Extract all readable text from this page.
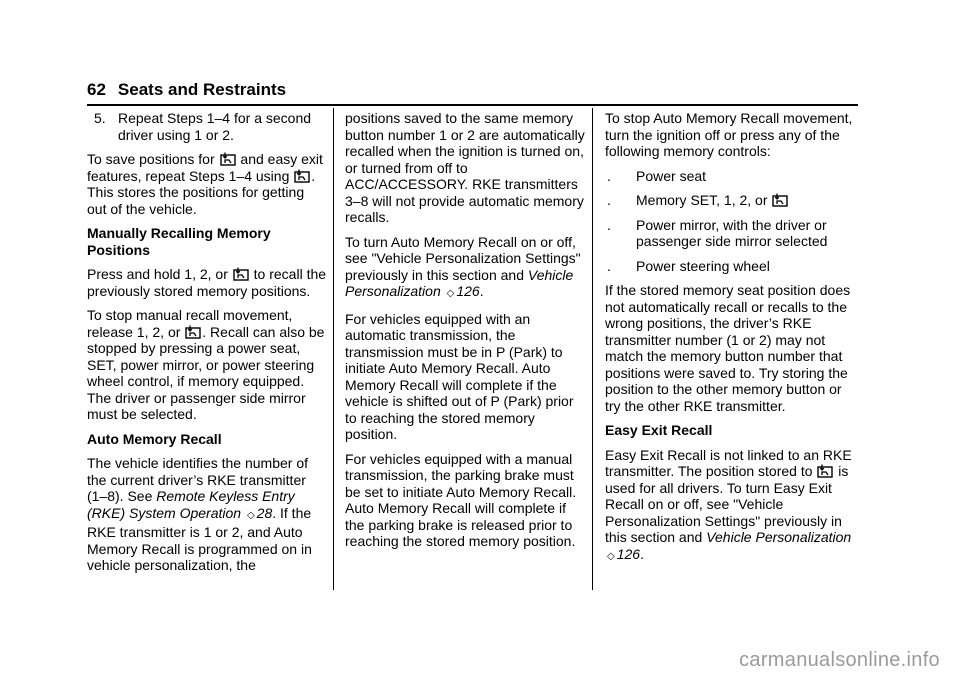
62 Seats and Restraints
5. Repeat Steps 1–4 for a second driver using 1 or 2.

To save positions for and easy exit features, repeat Steps 1–4 using . This stores the positions for getting out of the vehicle.

Manually Recalling Memory Positions

Press and hold 1, 2, or to recall the previously stored memory positions.

To stop manual recall movement, release 1, 2, or . Recall can also be stopped by pressing a power seat, SET, power mirror, or power steering wheel control, if memory equipped. The driver or passenger side mirror must be selected.

Auto Memory Recall

The vehicle identifies the number of the current driver’s RKE transmitter (1–8). See Remote Keyless Entry (RKE) System Operation ◇ 28. If the RKE transmitter is 1 or 2, and Auto Memory Recall is programmed on in vehicle personalization, the

positions saved to the same memory button number 1 or 2 are automatically recalled when the ignition is turned on, or turned from off to ACC/ACCESSORY. RKE transmitters 3–8 will not provide automatic memory recalls.

To turn Auto Memory Recall on or off, see "Vehicle Personalization Settings" previously in this section and Vehicle Personalization ◇ 126.

For vehicles equipped with an automatic transmission, the transmission must be in P (Park) to initiate Auto Memory Recall. Auto Memory Recall will complete if the vehicle is shifted out of P (Park) prior to reaching the stored memory position.

For vehicles equipped with a manual transmission, the parking brake must be set to initiate Auto Memory Recall. Auto Memory Recall will complete if the parking brake is released prior to reaching the stored memory position.

To stop Auto Memory Recall movement, turn the ignition off or press any of the following memory controls:

. Power seat
. Memory SET, 1, 2, or
. Power mirror, with the driver or passenger side mirror selected
. Power steering wheel

If the stored memory seat position does not automatically recall or recalls to the wrong positions, the driver’s RKE transmitter number (1 or 2) may not match the memory button number that positions were saved to. Try storing the position to the other memory button or try the other RKE transmitter.

Easy Exit Recall

Easy Exit Recall is not linked to an RKE transmitter. The position stored to is used for all drivers. To turn Easy Exit Recall on or off, see "Vehicle Personalization Settings" previously in this section and Vehicle Personalization ◇ 126.

carmanualsonline.info
